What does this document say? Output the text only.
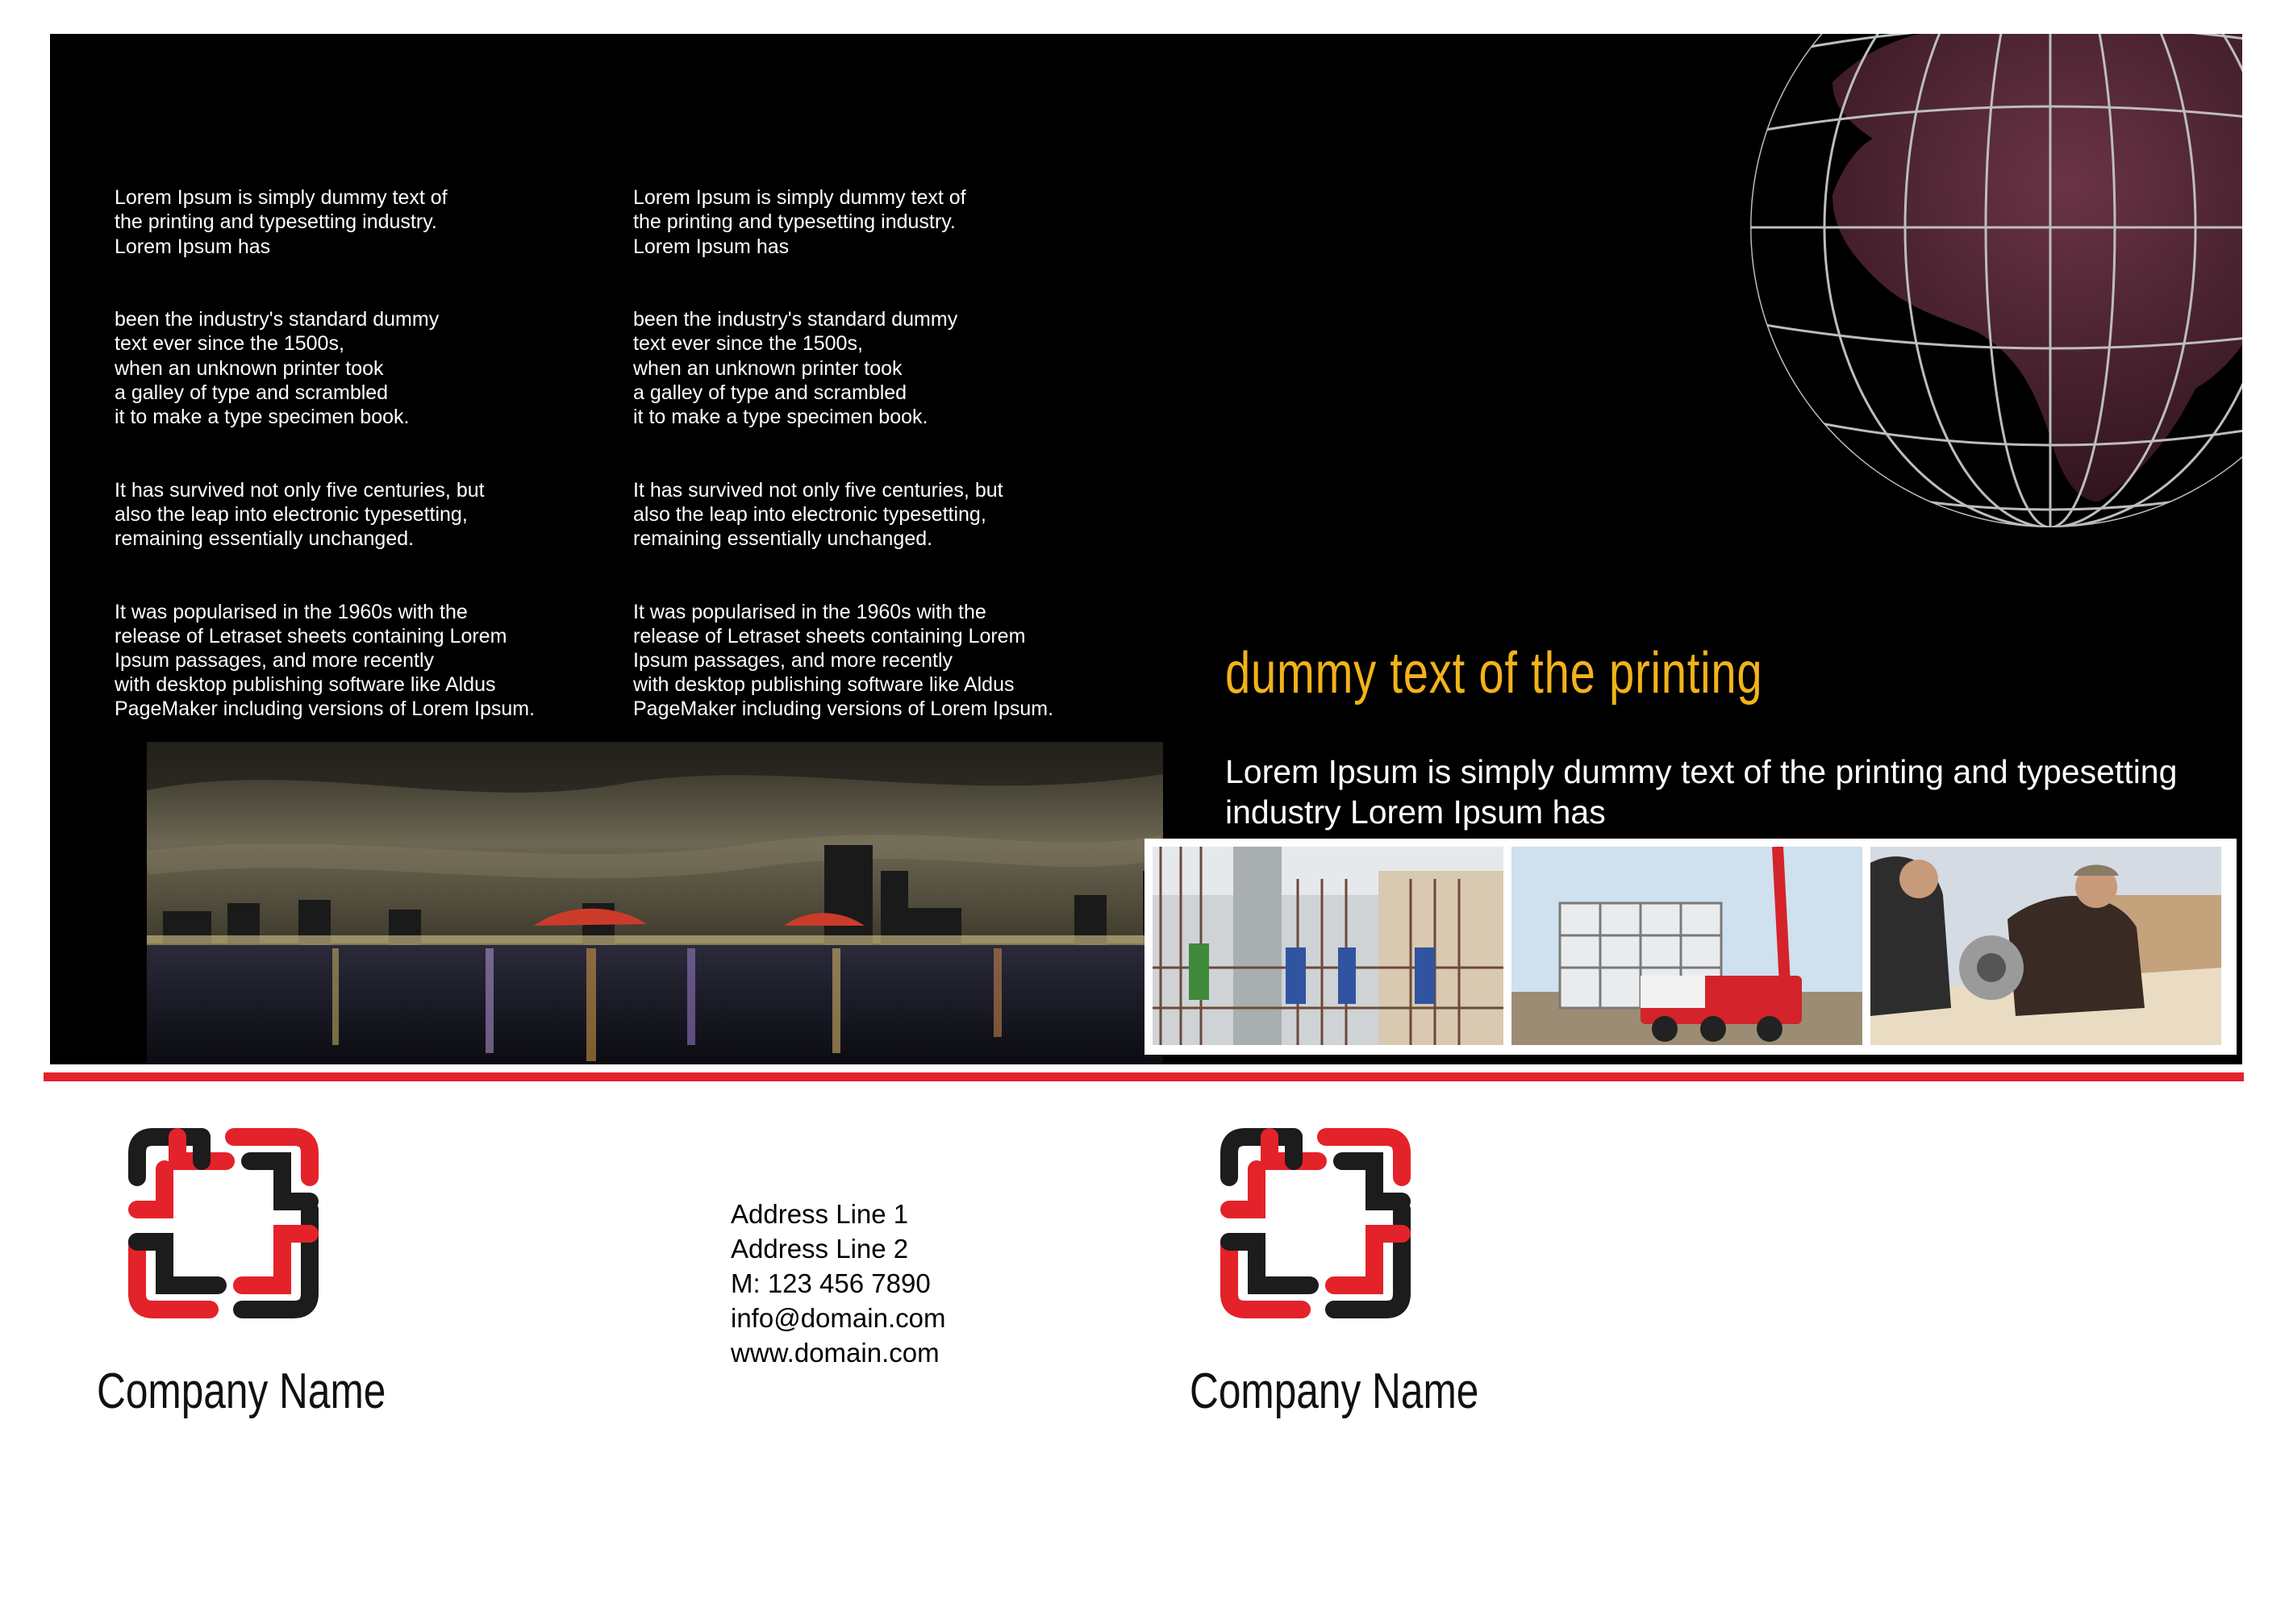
Lorem Ipsum is simply dummy text of
the printing and typesetting industry.
Lorem Ipsum has

been the industry's standard dummy
text ever since the 1500s,
when an unknown printer took
a galley of type and scrambled
it to make a type specimen book.

It has survived not only five centuries, but
also the leap into electronic typesetting,
remaining essentially unchanged.

It was popularised in the 1960s with the
release of Letraset sheets containing Lorem
Ipsum passages, and more recently
with desktop publishing software like Aldus
PageMaker including versions of Lorem Ipsum.

Lorem Ipsum is simply dummy text of
the printing and typesetting industry.
Lorem Ipsum has

been the industry's standard dummy
text ever since the 1500s,
when an unknown printer took
a galley of type and scrambled
it to make a type specimen book.

It has survived not only five centuries, but
also the leap into electronic typesetting,
remaining essentially unchanged.

It was popularised in the 1960s with the
release of Letraset sheets containing Lorem
Ipsum passages, and more recently
with desktop publishing software like Aldus
PageMaker including versions of Lorem Ipsum.

dummy text of the printing
Lorem Ipsum is simply dummy text of the printing and typesetting industry Lorem Ipsum has
Company Name
Address Line 1
Address Line 2
M: 123 456 7890
info@domain.com
www.domain.com
Company Name
